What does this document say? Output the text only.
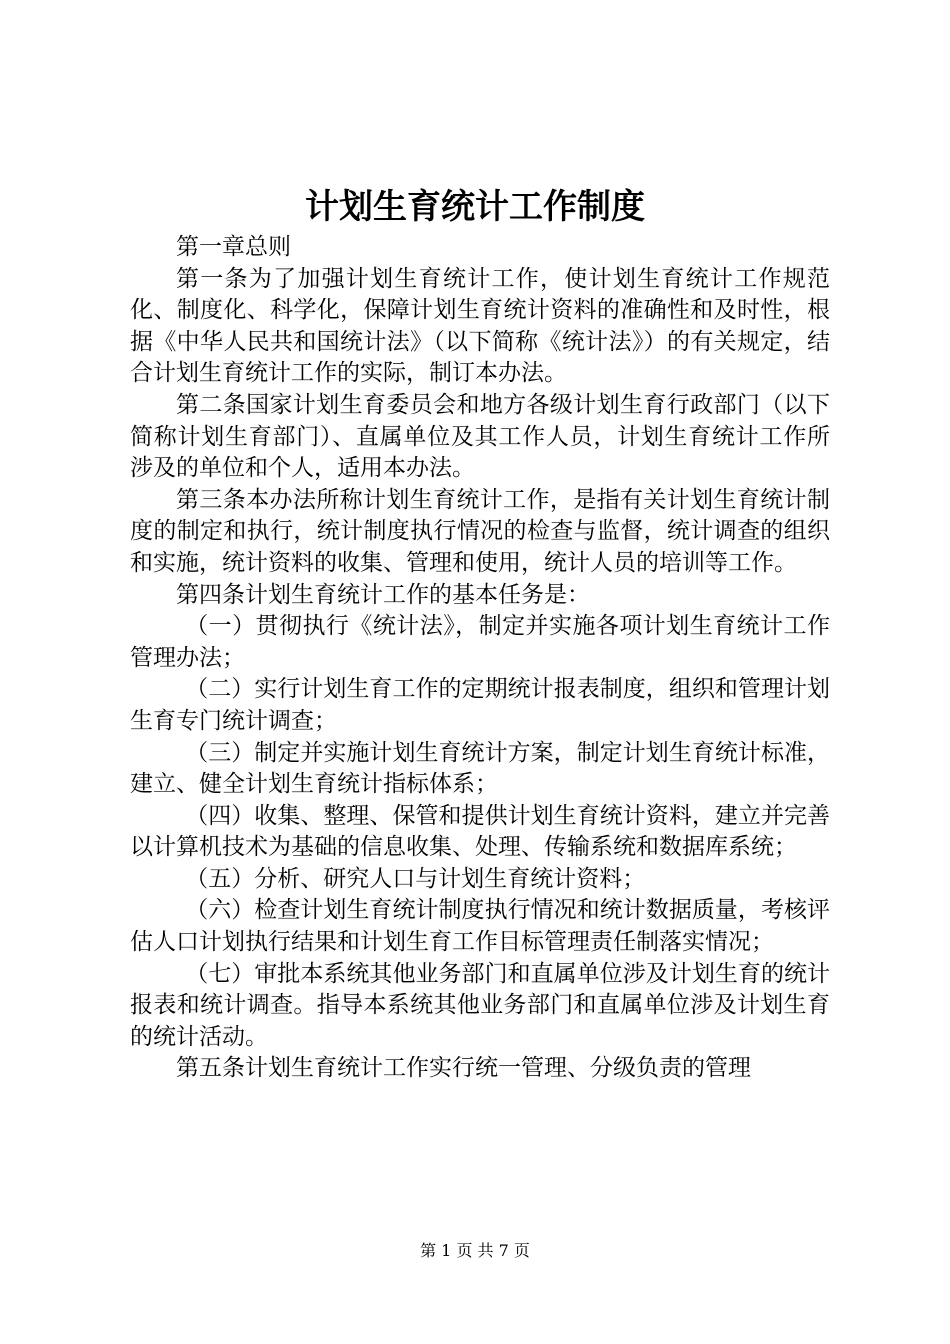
计划生育统计工作制度

第一章总则

第一条为了加强计划生育统计工作，使计划生育统计工作规范化、制度化、科学化，保障计划生育统计资料的准确性和及时性，根据《中华人民共和国统计法》（以下简称《统计法》）的有关规定，结合计划生育统计工作的实际，制订本办法。

第二条国家计划生育委员会和地方各级计划生育行政部门（以下简称计划生育部门）、直属单位及其工作人员，计划生育统计工作所涉及的单位和个人，适用本办法。

第三条本办法所称计划生育统计工作，是指有关计划生育统计制度的制定和执行，统计制度执行情况的检查与监督，统计调查的组织和实施，统计资料的收集、管理和使用，统计人员的培训等工作。

第四条计划生育统计工作的基本任务是：

（一）贯彻执行《统计法》，制定并实施各项计划生育统计工作管理办法；

（二）实行计划生育工作的定期统计报表制度，组织和管理计划生育专门统计调查；

（三）制定并实施计划生育统计方案，制定计划生育统计标准，建立、健全计划生育统计指标体系；

（四）收集、整理、保管和提供计划生育统计资料，建立并完善以计算机技术为基础的信息收集、处理、传输系统和数据库系统；

（五）分析、研究人口与计划生育统计资料；

（六）检查计划生育统计制度执行情况和统计数据质量，考核评估人口计划执行结果和计划生育工作目标管理责任制落实情况；

（七）审批本系统其他业务部门和直属单位涉及计划生育的统计报表和统计调查。指导本系统其他业务部门和直属单位涉及计划生育的统计活动。

第五条计划生育统计工作实行统一管理、分级负责的管理

第 1 页 共 7 页
